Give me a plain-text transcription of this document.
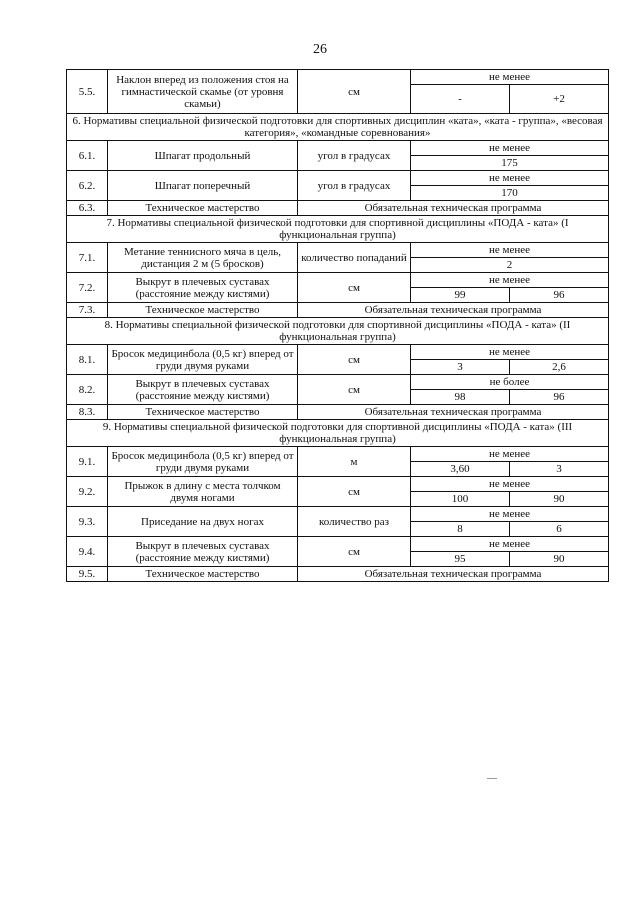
26
5.5.	Наклон вперед из положения стоя на гимнастической скамье (от уровня скамьи)	см	не менее	
			-	+2
6. Нормативы специальной физической подготовки для спортивных дисциплин «ката», «ката - группа», «весовая категория», «командные соревнования»				
6.1.	Шпагат продольный	угол в градусах	не менее	
			175	
6.2.	Шпагат поперечный	угол в градусах	не менее	
			170	
6.3.	Техническое мастерство	Обязательная техническая программа		
7. Нормативы специальной физической подготовки для спортивной дисциплины «ПОДА - ката» (I функциональная группа)				
7.1.	Метание теннисного мяча в цель, дистанция 2 м (5 бросков)	количество попаданий	не менее	
			2	
7.2.	Выкрут в плечевых суставах (расстояние между кистями)	см	не менее	
			99	96
7.3.	Техническое мастерство	Обязательная техническая программа		
8. Нормативы специальной физической подготовки для спортивной дисциплины «ПОДА - ката» (II функциональная группа)				
8.1.	Бросок медицинбола (0,5 кг) вперед от груди двумя руками	см	не менее	
			3	2,6
8.2.	Выкрут в плечевых суставах (расстояние между кистями)	см	не более	
			98	96
8.3.	Техническое мастерство	Обязательная техническая программа		
9. Нормативы специальной физической подготовки для спортивной дисциплины «ПОДА - ката» (III функциональная группа)				
9.1.	Бросок медицинбола (0,5 кг) вперед от груди двумя руками	м	не менее	
			3,60	3
9.2.	Прыжок в длину с места толчком двумя ногами	см	не менее	
			100	90
9.3.	Приседание на двух ногах	количество раз	не менее	
			8	6
9.4.	Выкрут в плечевых суставах (расстояние между кистями)	см	не менее	
			95	90
9.5.	Техническое мастерство	Обязательная техническая программа		
